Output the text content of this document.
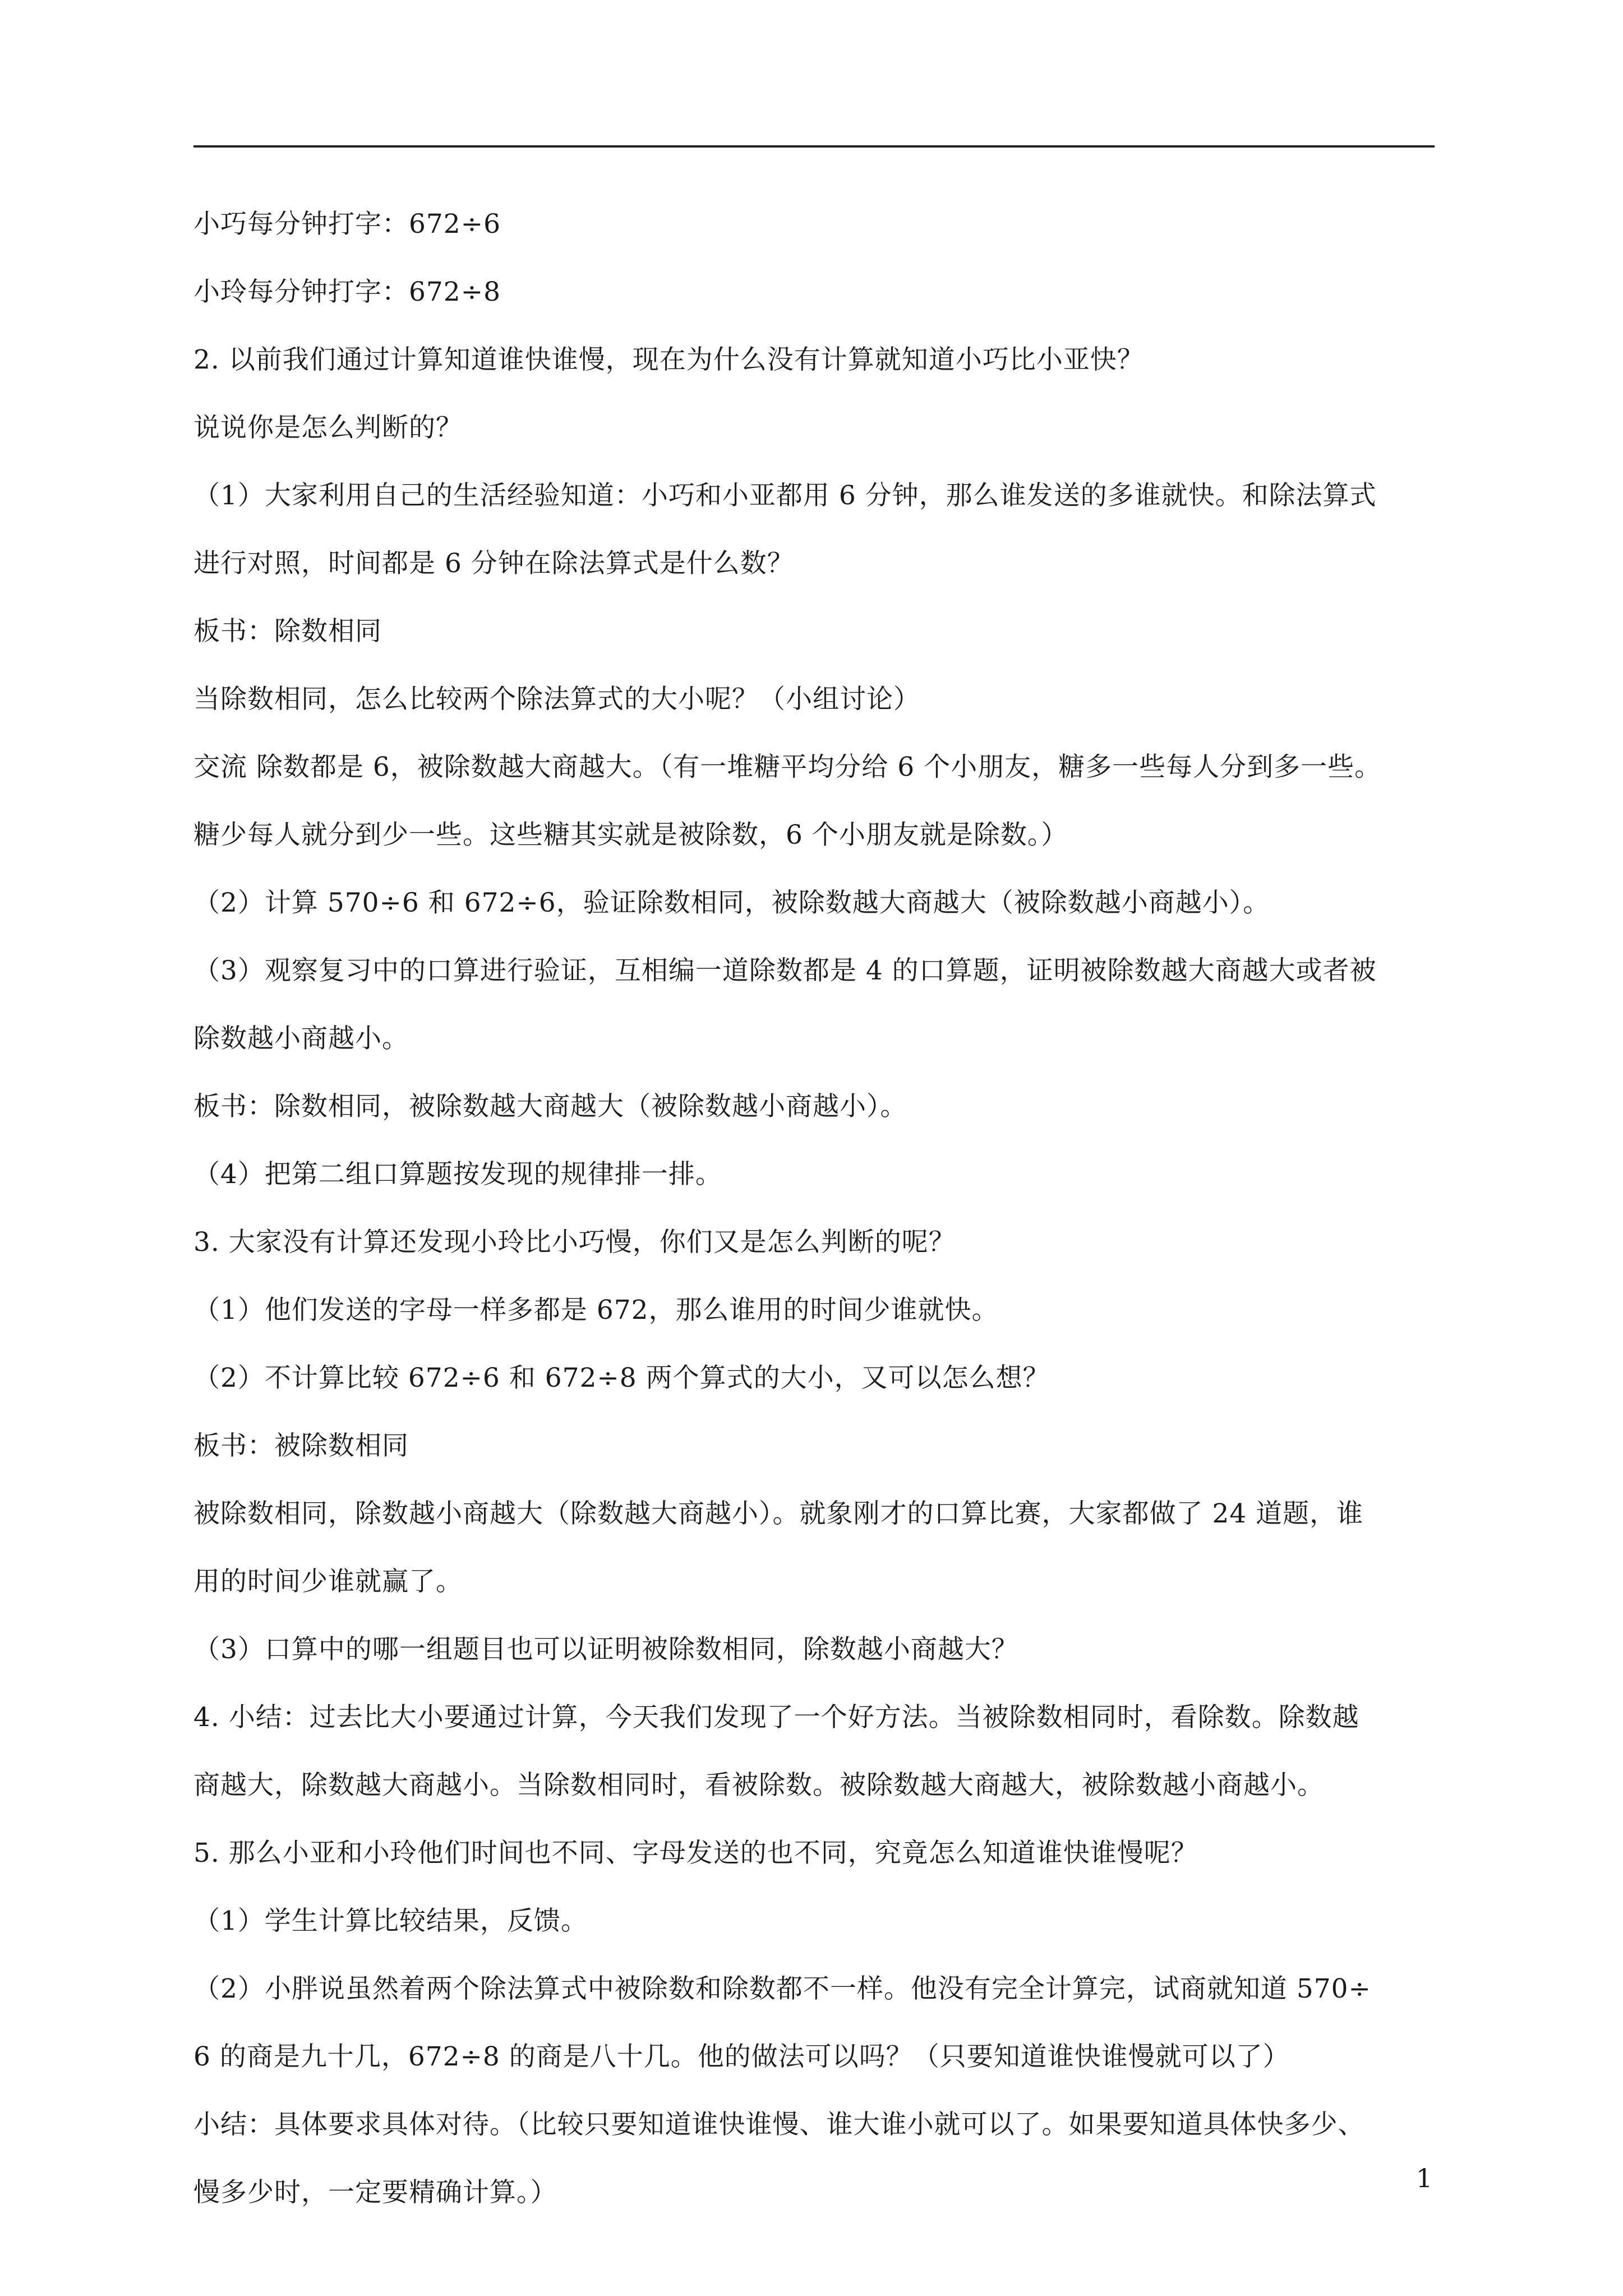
小巧每分钟打字：672÷6

小玲每分钟打字：672÷8

2. 以前我们通过计算知道谁快谁慢，现在为什么没有计算就知道小巧比小亚快？

说说你是怎么判断的？

（1）大家利用自己的生活经验知道：小巧和小亚都用 6 分钟，那么谁发送的多谁就快。和除法算式

进行对照，时间都是 6 分钟在除法算式是什么数？

板书：除数相同

当除数相同，怎么比较两个除法算式的大小呢？（小组讨论）

交流 除数都是 6，被除数越大商越大。（有一堆糖平均分给 6 个小朋友，糖多一些每人分到多一些。

糖少每人就分到少一些。这些糖其实就是被除数，6 个小朋友就是除数。）

（2）计算 570÷6 和 672÷6，验证除数相同，被除数越大商越大（被除数越小商越小）。

（3）观察复习中的口算进行验证，互相编一道除数都是 4 的口算题，证明被除数越大商越大或者被

除数越小商越小。

板书：除数相同，被除数越大商越大（被除数越小商越小）。

（4）把第二组口算题按发现的规律排一排。

3. 大家没有计算还发现小玲比小巧慢，你们又是怎么判断的呢？

（1）他们发送的字母一样多都是 672，那么谁用的时间少谁就快。

（2）不计算比较 672÷6 和 672÷8 两个算式的大小，又可以怎么想？

板书：被除数相同

被除数相同，除数越小商越大（除数越大商越小）。就象刚才的口算比赛，大家都做了 24 道题，谁

用的时间少谁就赢了。

（3）口算中的哪一组题目也可以证明被除数相同，除数越小商越大？

4. 小结：过去比大小要通过计算，今天我们发现了一个好方法。当被除数相同时，看除数。除数越

商越大，除数越大商越小。当除数相同时，看被除数。被除数越大商越大，被除数越小商越小。

5. 那么小亚和小玲他们时间也不同、字母发送的也不同，究竟怎么知道谁快谁慢呢？

（1）学生计算比较结果，反馈。

（2）小胖说虽然着两个除法算式中被除数和除数都不一样。他没有完全计算完，试商就知道 570÷

6 的商是九十几，672÷8 的商是八十几。他的做法可以吗？（只要知道谁快谁慢就可以了）

小结：具体要求具体对待。（比较只要知道谁快谁慢、谁大谁小就可以了。如果要知道具体快多少、

慢多少时，一定要精确计算。）	1
